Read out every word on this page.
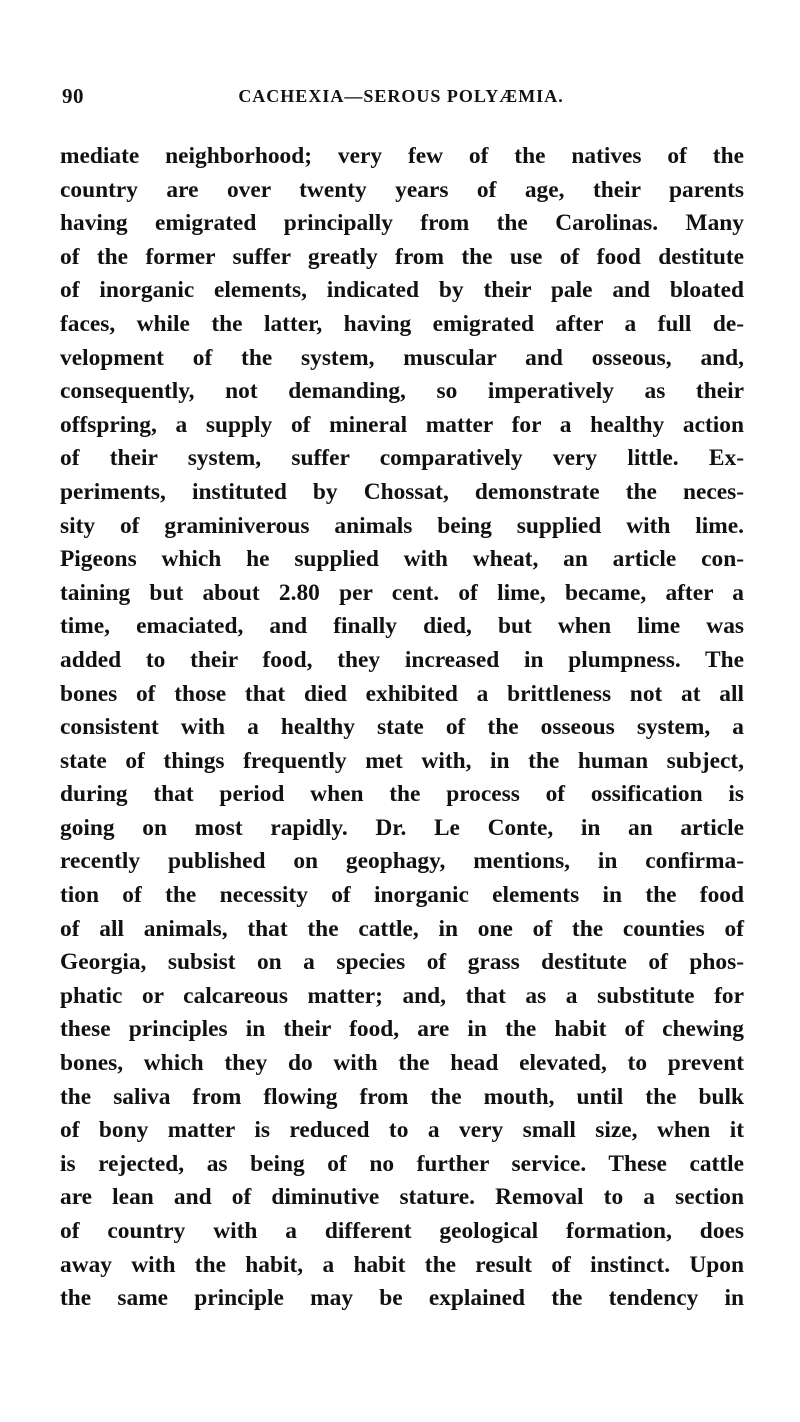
90	CACHEXIA—SEROUS POLYÆMIA.
mediate neighborhood; very few of the natives of the
country are over twenty years of age, their parents
having emigrated principally from the Carolinas. Many
of the former suffer greatly from the use of food destitute
of inorganic elements, indicated by their pale and bloated
faces, while the latter, having emigrated after a full de-
velopment of the system, muscular and osseous, and,
consequently, not demanding, so imperatively as their
offspring, a supply of mineral matter for a healthy action
of their system, suffer comparatively very little. Ex-
periments, instituted by Chossat, demonstrate the neces-
sity of graminiverous animals being supplied with lime.
Pigeons which he supplied with wheat, an article con-
taining but about 2.80 per cent. of lime, became, after a
time, emaciated, and finally died, but when lime was
added to their food, they increased in plumpness. The
bones of those that died exhibited a brittleness not at all
consistent with a healthy state of the osseous system, a
state of things frequently met with, in the human subject,
during that period when the process of ossification is
going on most rapidly. Dr. Le Conte, in an article
recently published on geophagy, mentions, in confirma-
tion of the necessity of inorganic elements in the food
of all animals, that the cattle, in one of the counties of
Georgia, subsist on a species of grass destitute of phos-
phatic or calcareous matter; and, that as a substitute for
these principles in their food, are in the habit of chewing
bones, which they do with the head elevated, to prevent
the saliva from flowing from the mouth, until the bulk
of bony matter is reduced to a very small size, when it
is rejected, as being of no further service. These cattle
are lean and of diminutive stature. Removal to a section
of country with a different geological formation, does
away with the habit, a habit the result of instinct. Upon
the same principle may be explained the tendency in
